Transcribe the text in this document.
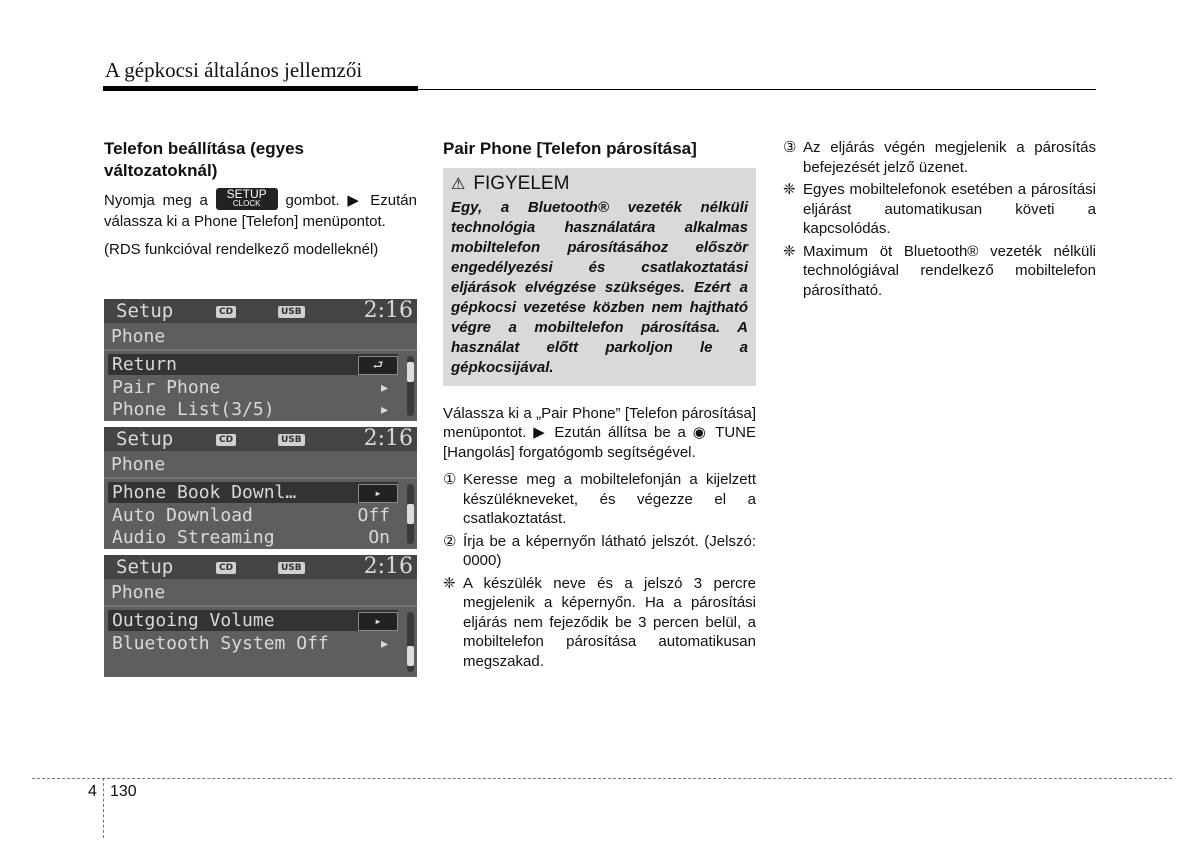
A gépkocsi általános jellemzői
Telefon beállítása (egyes változatoknál)

Nyomja meg a	SETUP
CLOCK	gombot. ▶ Ezután válassza ki a Phone [Telefon] menüpontot.

(RDS funkcióval rendelkező modelleknél)

Setup	CD	USB	2:16
Phone
Return	⮐
Pair Phone	▸
Phone List(3/5)	▸
Setup	CD	USB	2:16
Phone
Phone Book Downl…	▸
Auto Download	Off
Audio Streaming	On
Setup	CD	USB	2:16
Phone
Outgoing Volume	▸
Bluetooth System Off	▸
Pair Phone [Telefon párosítása]
⚠ FIGYELEM
Egy, a Bluetooth® vezeték nélküli technológia használatára alkalmas mobiltelefon párosításához először engedélyezési és csatlakoztatási eljárások elvégzése szükséges. Ezért a gépkocsi vezetése közben nem hajtható végre a mobiltelefon párosítása. A használat előtt parkoljon le a gépkocsijával.

Válassza ki a „Pair Phone” [Telefon párosítása] menüpontot. ▶ Ezután állítsa be a ◉ TUNE [Hangolás] forgatógomb segítségével.

① Keresse meg a mobiltelefonján a kijelzett készülékneveket, és végezze el a csatlakoztatást.
② Írja be a képernyőn látható jelszót. (Jelszó: 0000)
❈ A készülék neve és a jelszó 3 percre megjelenik a képernyőn. Ha a párosítási eljárás nem fejeződik be 3 percen belül, a mobiltelefon párosítása automatikusan megszakad.
③ Az eljárás végén megjelenik a párosítás befejezését jelző üzenet.
❈ Egyes mobiltelefonok esetében a párosítási eljárást automatikusan követi a kapcsolódás.
❈ Maximum öt Bluetooth® vezeték nélküli technológiával rendelkező mobiltelefon párosítható.
4 130
